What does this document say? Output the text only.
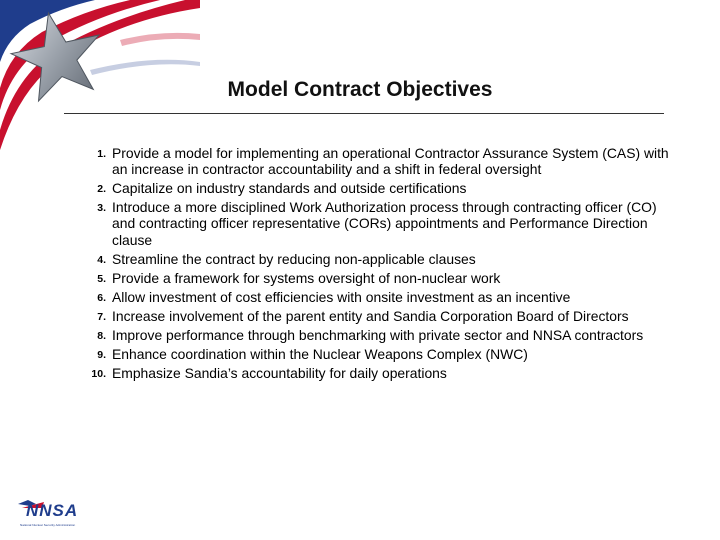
Model Contract Objectives
1. Provide a model for implementing an operational Contractor Assurance System (CAS) with an increase in contractor accountability and a shift in federal oversight
2. Capitalize on industry standards and outside certifications
3. Introduce a more disciplined Work Authorization process through contracting officer (CO) and contracting officer representative (CORs) appointments and Performance Direction clause
4. Streamline the contract by reducing non-applicable clauses
5. Provide a framework for systems oversight of non-nuclear work
6. Allow investment of cost efficiencies with onsite investment as an incentive
7. Increase involvement of the parent entity and Sandia Corporation Board of Directors
8. Improve performance through benchmarking with private sector and NNSA contractors
9. Enhance coordination within the Nuclear Weapons Complex (NWC)
10. Emphasize Sandia’s accountability for daily operations
NNSA
National Nuclear Security Administration
